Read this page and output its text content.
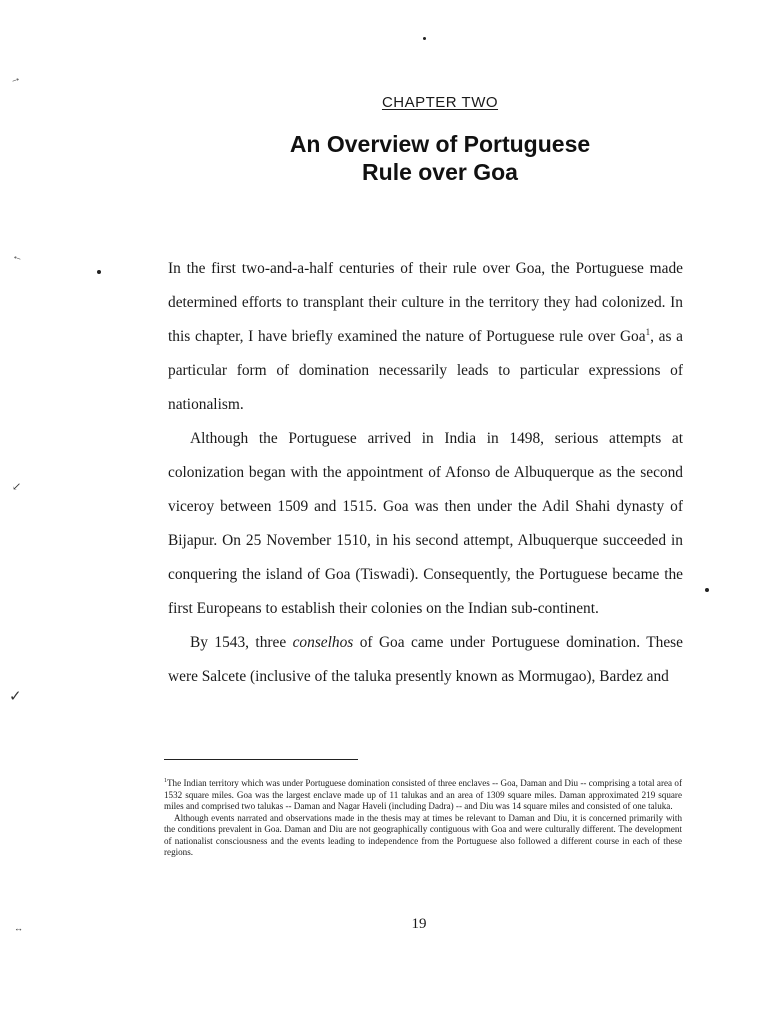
→
←
↙
✓
↔
CHAPTER TWO
An Overview of Portuguese
Rule over Goa

In the first two-and-a-half centuries of their rule over Goa, the Portuguese made determined efforts to transplant their culture in the territory they had colonized. In this chapter, I have briefly examined the nature of Portuguese rule over Goa$^1$, as a particular form of domination necessarily leads to particular expressions of nationalism.

Although the Portuguese arrived in India in 1498, serious attempts at colonization began with the appointment of Afonso de Albuquerque as the second viceroy between 1509 and 1515. Goa was then under the Adil Shahi dynasty of Bijapur. On 25 November 1510, in his second attempt, Albuquerque succeeded in conquering the island of Goa (Tiswadi). Consequently, the Portuguese became the first Europeans to establish their colonies on the Indian sub-continent.

By 1543, three conselhos of Goa came under Portuguese domination. These were Salcete (inclusive of the taluka presently known as Mormugao), Bardez and

$^1$The Indian territory which was under Portuguese domination consisted of three enclaves -- Goa, Daman and Diu -- comprising a total area of 1532 square miles. Goa was the largest enclave made up of 11 talukas and an area of 1309 square miles. Daman approximated 219 square miles and comprised two talukas -- Daman and Nagar Haveli (including Dadra) -- and Diu was 14 square miles and consisted of one taluka.

Although events narrated and observations made in the thesis may at times be relevant to Daman and Diu, it is concerned primarily with the conditions prevalent in Goa. Daman and Diu are not geographically contiguous with Goa and were culturally different. The development of nationalist consciousness and the events leading to independence from the Portuguese also followed a different course in each of these regions.

19
